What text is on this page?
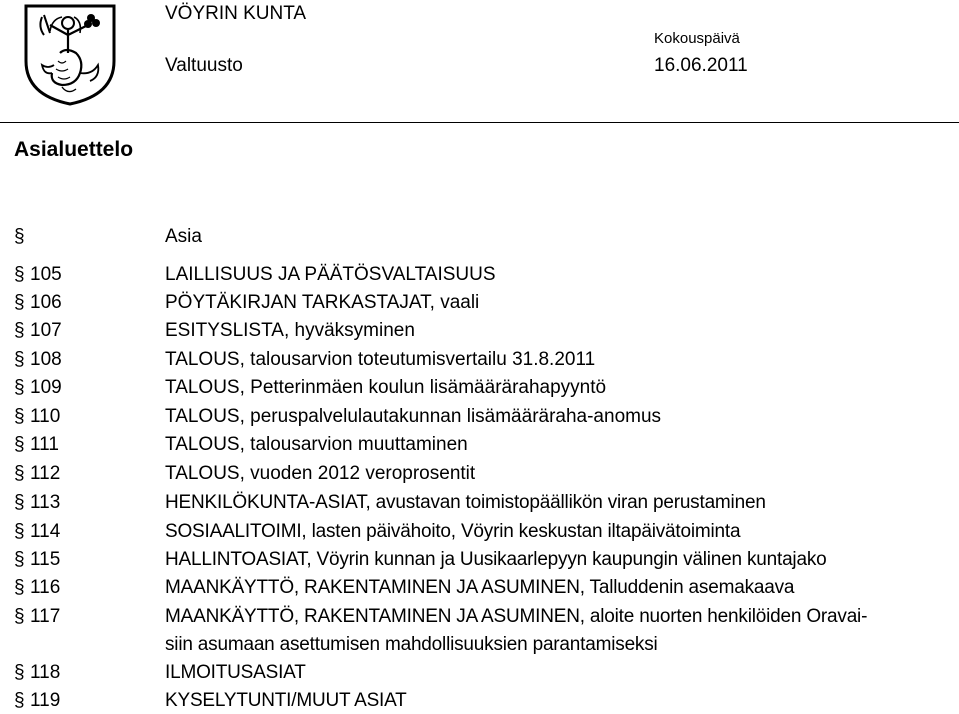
VÖYRIN KUNTA
Kokouspäivä
Valtuusto	16.06.2011
Asialuettelo
§	Asia
§ 105	LAILLISUUS JA PÄÄTÖSVALTAISUUS
§ 106	PÖYTÄKIRJAN TARKASTAJAT, vaali
§ 107	ESITYSLISTA, hyväksyminen
§ 108	TALOUS, talousarvion toteutumisvertailu 31.8.2011
§ 109	TALOUS, Petterinmäen koulun lisämäärärahapyyntö
§ 110	TALOUS, peruspalvelulautakunnan lisämääräraha-anomus
§ 111	TALOUS, talousarvion muuttaminen
§ 112	TALOUS, vuoden 2012 veroprosentit
§ 113	HENKILÖKUNTA-ASIAT, avustavan toimistopäällikön viran perustaminen
§ 114	SOSIAALITOIMI, lasten päivähoito, Vöyrin keskustan iltapäivätoiminta
§ 115	HALLINTOASIAT, Vöyrin kunnan ja Uusikaarlepyyn kaupungin välinen kuntajako
§ 116	MAANKÄYTTÖ, RAKENTAMINEN JA ASUMINEN, Talluddenin asemakaava
§ 117	MAANKÄYTTÖ, RAKENTAMINEN JA ASUMINEN, aloite nuorten henkilöiden Oravai-
siin asumaan asettumisen mahdollisuuksien parantamiseksi
§ 118	ILMOITUSASIAT
§ 119	KYSELYTUNTI/MUUT ASIAT
